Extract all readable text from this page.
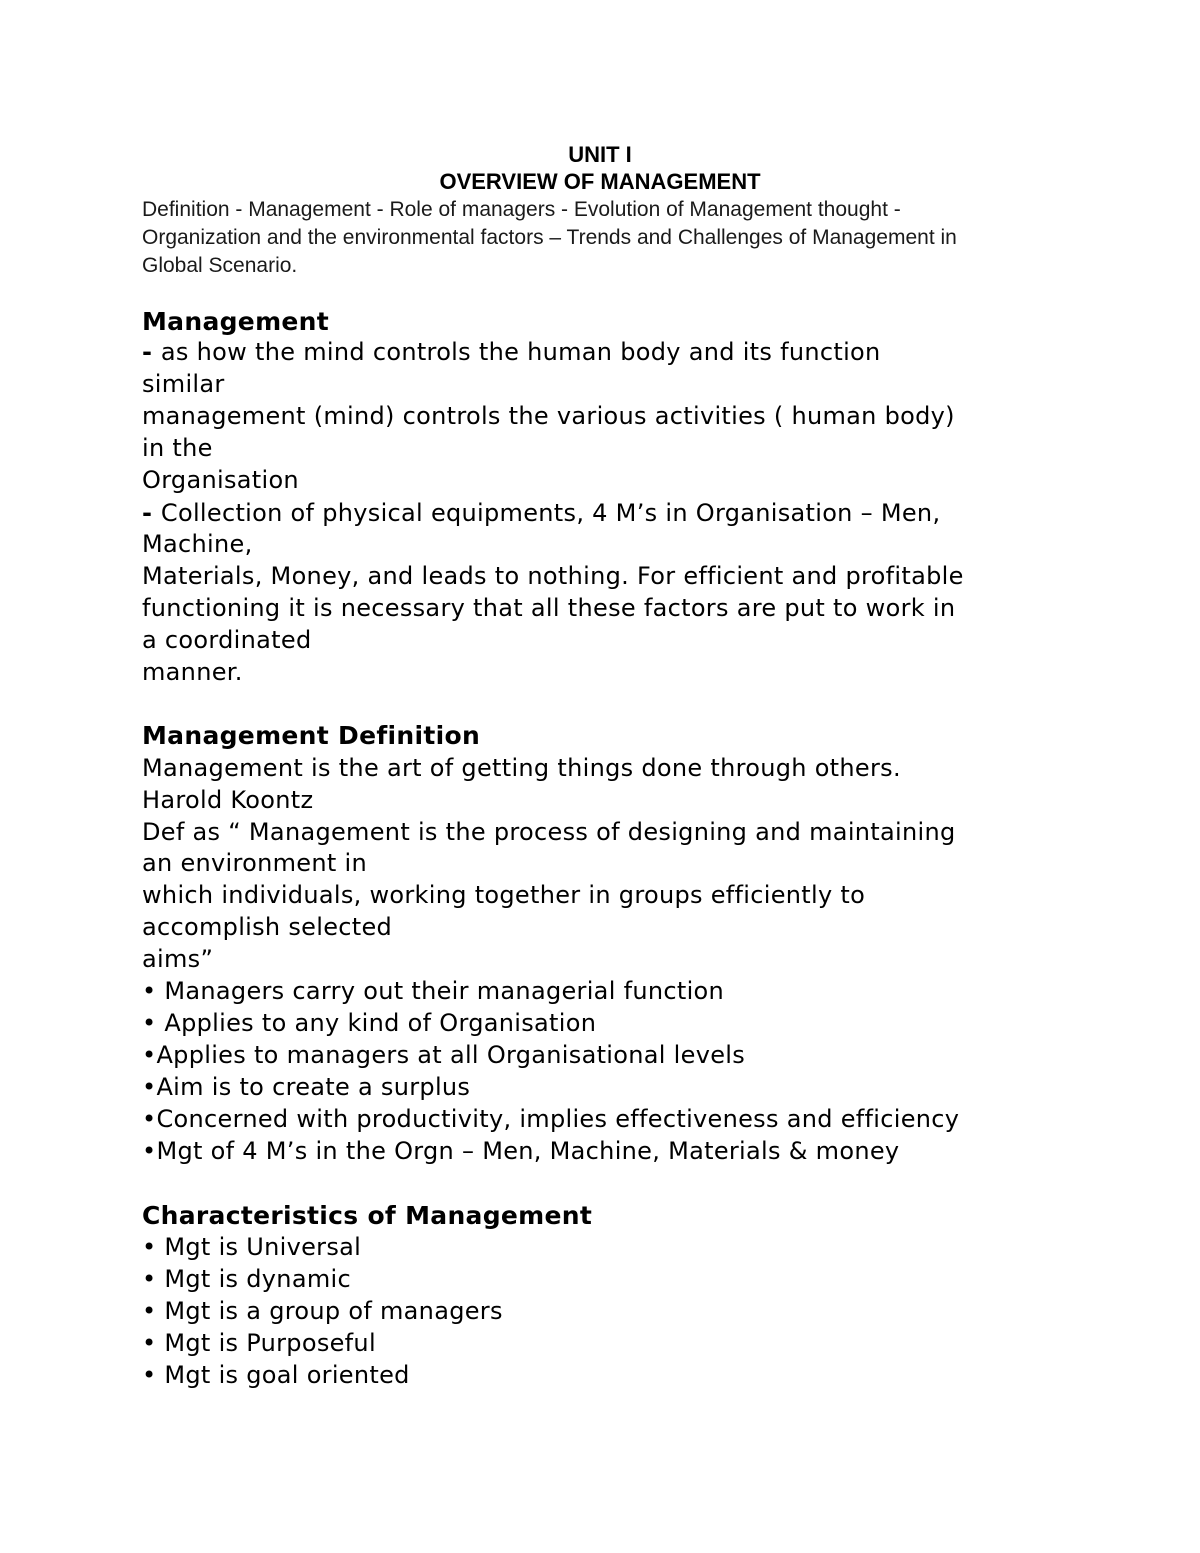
UNIT I
OVERVIEW OF MANAGEMENT
Definition - Management - Role of managers - Evolution of Management thought -
Organization and the environmental factors – Trends and Challenges of Management in
Global Scenario.
Management
- as how the mind controls the human body and its function
similar
management (mind) controls the various activities ( human body)
in the
Organisation
- Collection of physical equipments, 4 M’s in Organisation – Men,
Machine,
Materials, Money, and leads to nothing. For efficient and profitable
functioning it is necessary that all these factors are put to work in
a coordinated
manner.
Management Definition
Management is the art of getting things done through others.
Harold Koontz
Def as “ Management is the process of designing and maintaining
an environment in
which individuals, working together in groups efficiently to
accomplish selected
aims”
• Managers carry out their managerial function
• Applies to any kind of Organisation
•Applies to managers at all Organisational levels
•Aim is to create a surplus
•Concerned with productivity, implies effectiveness and efficiency
•Mgt of 4 M’s in the Orgn – Men, Machine, Materials & money
Characteristics of Management
• Mgt is Universal
• Mgt is dynamic
• Mgt is a group of managers
• Mgt is Purposeful
• Mgt is goal oriented
